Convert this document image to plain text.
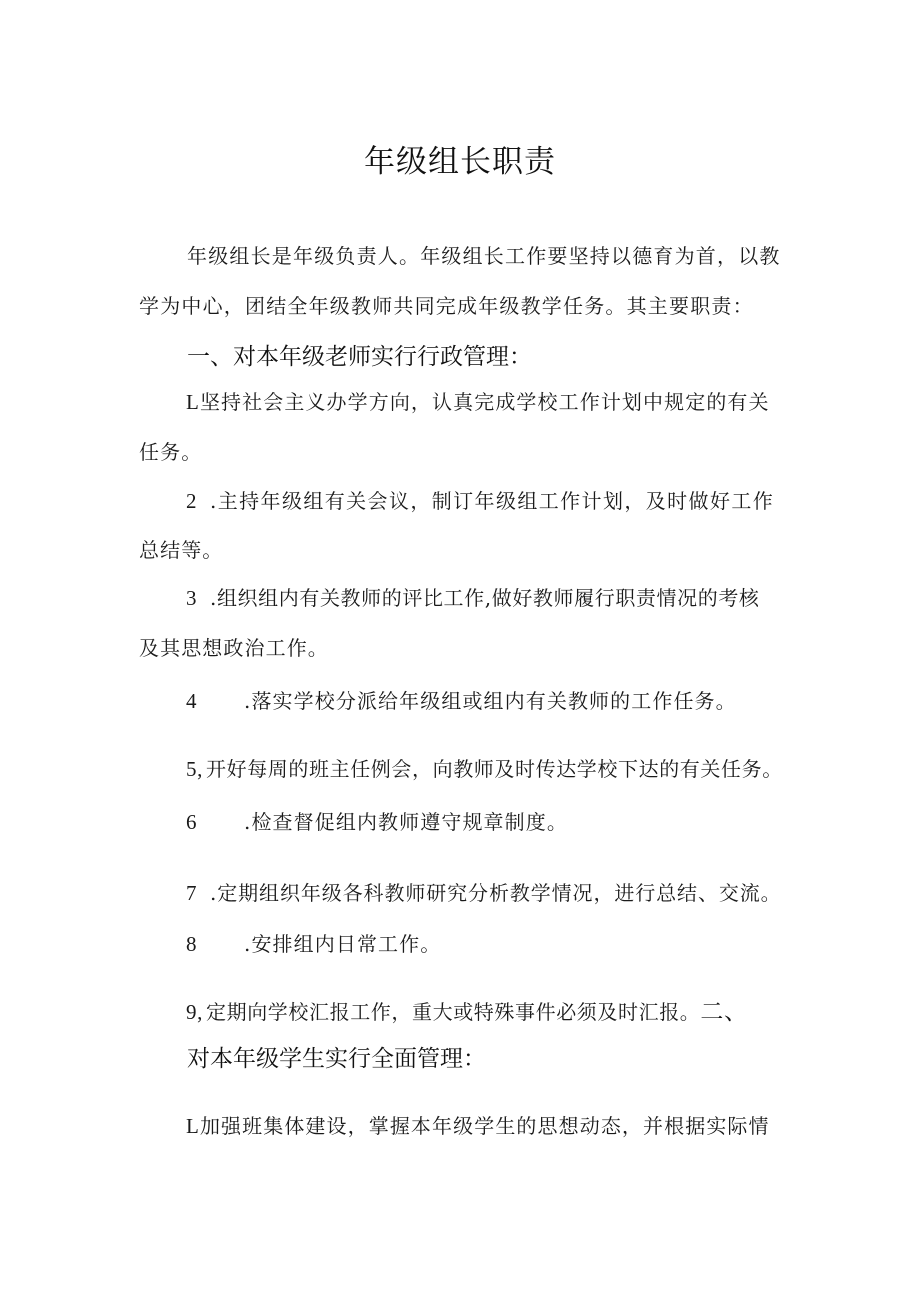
年级组长职责
年级组长是年级负责人。年级组长工作要坚持以德育为首，以教
学为中心，团结全年级教师共同完成年级教学任务。其主要职责：
一、对本年级老师实行行政管理：
L坚持社会主义办学方向，认真完成学校工作计划中规定的有关
任务。
2 .主持年级组有关会议，制订年级组工作计划，及时做好工作
总结等。
3 .组织组内有关教师的评比工作,做好教师履行职责情况的考核
及其思想政治工作。
4 .落实学校分派给年级组或组内有关教师的工作任务。
5, 开好每周的班主任例会，向教师及时传达学校下达的有关任务。
6 .检查督促组内教师遵守规章制度。
7 .定期组织年级各科教师研究分析教学情况，进行总结、交流。
8 .安排组内日常工作。
9, 定期向学校汇报工作，重大或特殊事件必须及时汇报。二、
对本年级学生实行全面管理：
L加强班集体建设，掌握本年级学生的思想动态，并根据实际情
